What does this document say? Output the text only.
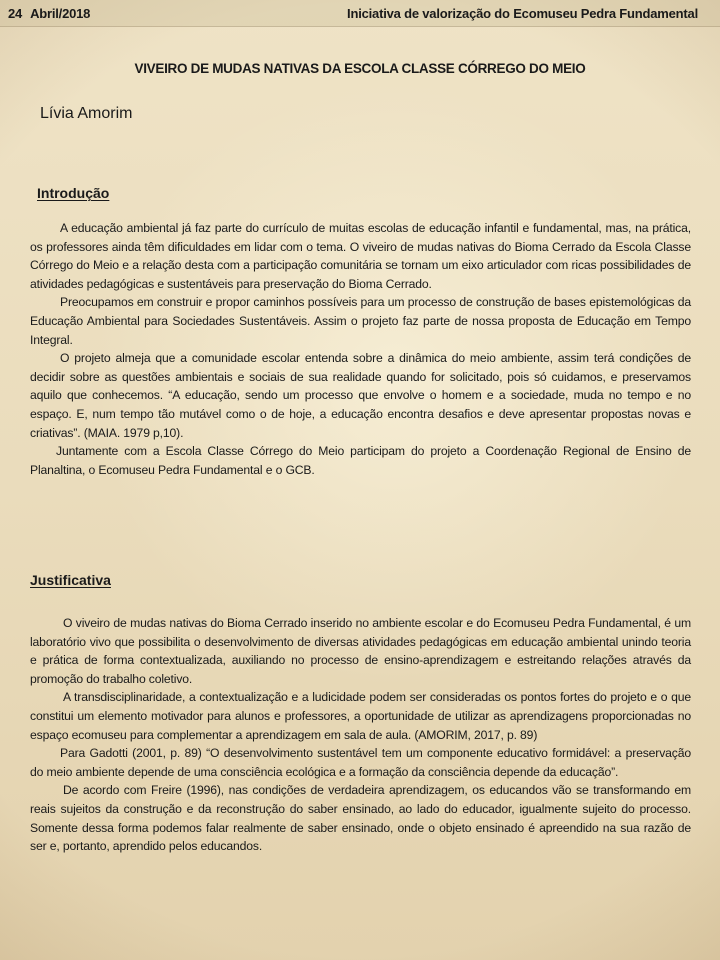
24 Abril/2018	Iniciativa de valorização do Ecomuseu Pedra Fundamental
VIVEIRO DE MUDAS NATIVAS DA ESCOLA CLASSE CÓRREGO DO MEIO
Lívia Amorim
Introdução

A educação ambiental já faz parte do currículo de muitas escolas de educação infantil e fundamental, mas, na prática, os professores ainda têm dificuldades em lidar com o tema. O viveiro de mudas nativas do Bioma Cerrado da Escola Classe Córrego do Meio e a relação desta com a participação comunitária se tornam um eixo articulador com ricas possibilidades de atividades pedagógicas e sustentáveis para preservação do Bioma Cerrado.

Preocupamos em construir e propor caminhos possíveis para um processo de construção de bases epistemológicas da Educação Ambiental para Sociedades Sustentáveis. Assim o projeto faz parte de nossa proposta de Educação em Tempo Integral.

O projeto almeja que a comunidade escolar entenda sobre a dinâmica do meio ambiente, assim terá condições de decidir sobre as questões ambientais e sociais de sua realidade quando for solicitado, pois só cuidamos, e preservamos aquilo que conhecemos. “A educação, sendo um processo que envolve o homem e a sociedade, muda no tempo e no espaço. E, num tempo tão mutável como o de hoje, a educação encontra desafios e deve apresentar propostas novas e criativas”. (MAIA. 1979 p,10).

Juntamente com a Escola Classe Córrego do Meio participam do projeto a Coordenação Regional de Ensino de Planaltina, o Ecomuseu Pedra Fundamental e o GCB.

Justificativa

O viveiro de mudas nativas do Bioma Cerrado inserido no ambiente escolar e do Ecomuseu Pedra Fundamental, é um laboratório vivo que possibilita o desenvolvimento de diversas atividades pedagógicas em educação ambiental unindo teoria e prática de forma contextualizada, auxiliando no processo de ensino-aprendizagem e estreitando relações através da promoção do trabalho coletivo.

A transdisciplinaridade, a contextualização e a ludicidade podem ser consideradas os pontos fortes do projeto e o que constitui um elemento motivador para alunos e professores, a oportunidade de utilizar as aprendizagens proporcionadas no espaço ecomuseu para complementar a aprendizagem em sala de aula. (AMORIM, 2017, p. 89)

Para Gadotti (2001, p. 89) “O desenvolvimento sustentável tem um componente educativo formidável: a preservação do meio ambiente depende de uma consciência ecológica e a formação da consciência depende da educação”.

De acordo com Freire (1996), nas condições de verdadeira aprendizagem, os educandos vão se transformando em reais sujeitos da construção e da reconstrução do saber ensinado, ao lado do educador, igualmente sujeito do processo. Somente dessa forma podemos falar realmente de saber ensinado, onde o objeto ensinado é apreendido na sua razão de ser e, portanto, aprendido pelos educandos.
